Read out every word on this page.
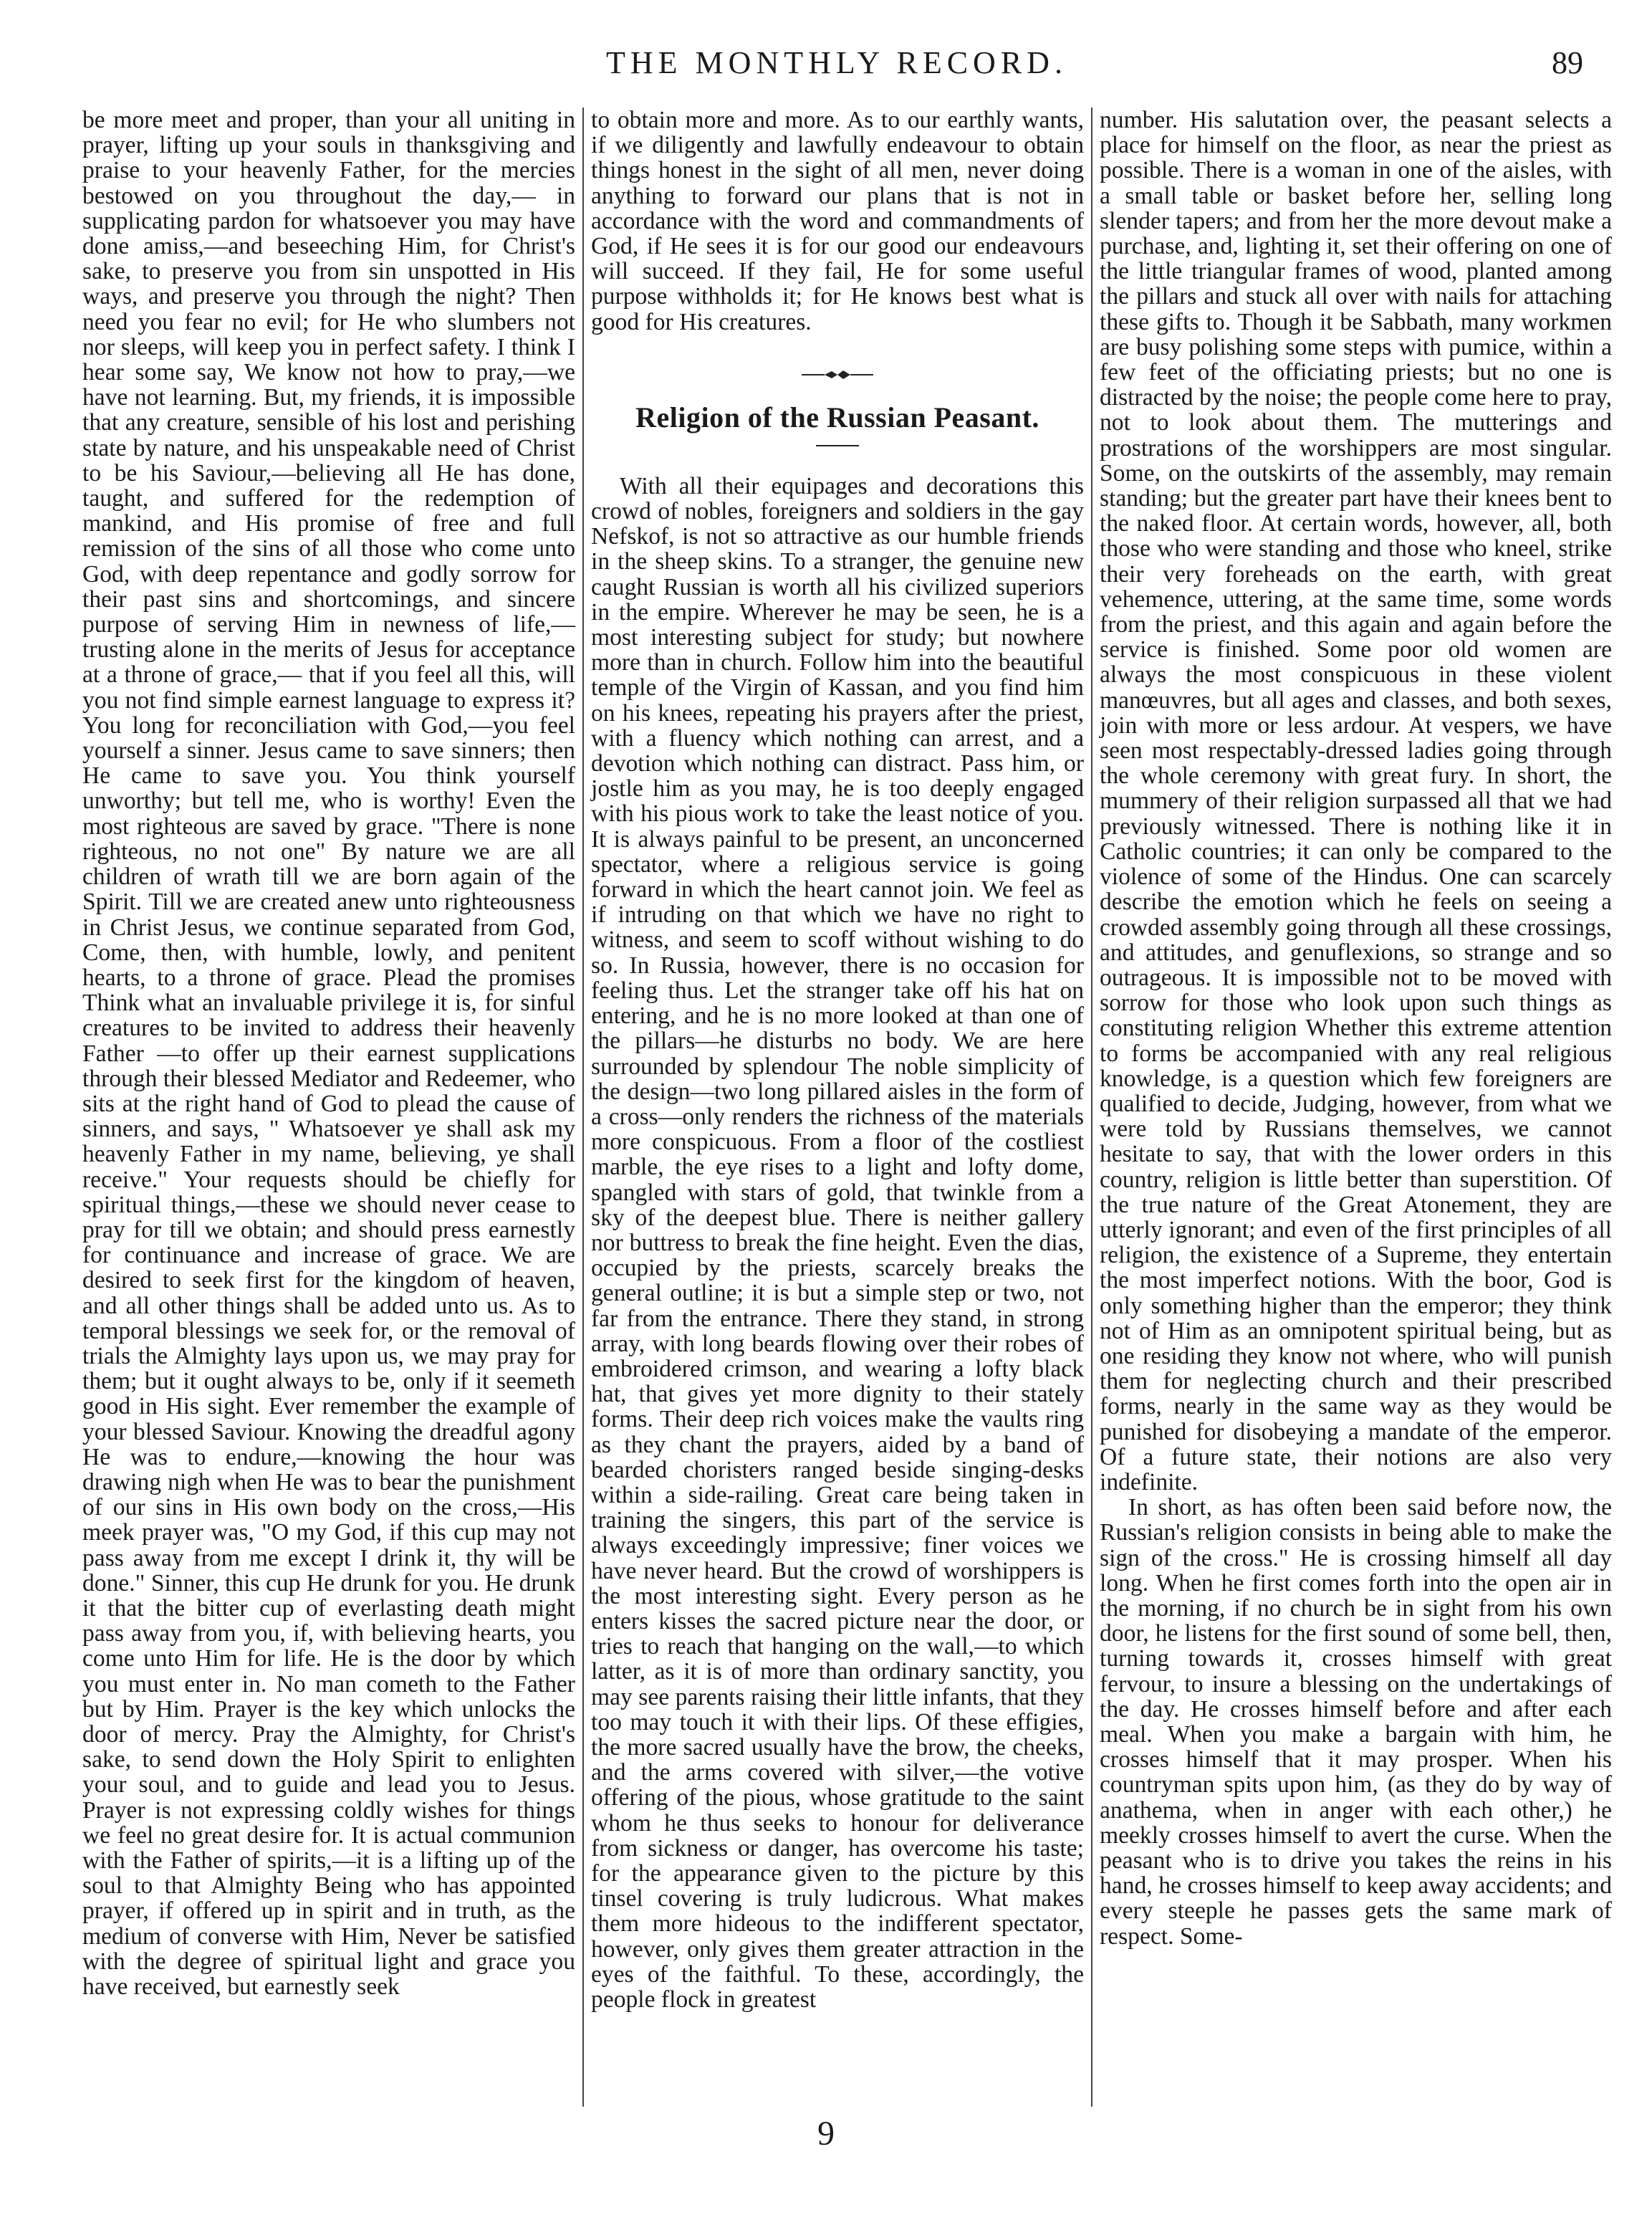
THE MONTHLY RECORD.	89

be more meet and proper, than your all uniting in prayer, lifting up your souls in thanksgiving and praise to your heavenly Father, for the mercies bestowed on you throughout the day,— in supplicating pardon for whatsoever you may have done amiss,—and beseeching Him, for Christ's sake, to preserve you from sin unspotted in His ways, and preserve you through the night? Then need you fear no evil; for He who slumbers not nor sleeps, will keep you in perfect safety. I think I hear some say, We know not how to pray,—we have not learning. But, my friends, it is impossible that any creature, sensible of his lost and perishing state by nature, and his unspeakable need of Christ to be his Saviour,—believing all He has done, taught, and suffered for the redemption of mankind, and His promise of free and full remission of the sins of all those who come unto God, with deep repentance and godly sorrow for their past sins and shortcomings, and sincere purpose of serving Him in newness of life,—trusting alone in the merits of Jesus for acceptance at a throne of grace,— that if you feel all this, will you not find simple earnest language to express it? You long for reconciliation with God,—you feel yourself a sinner. Jesus came to save sinners; then He came to save you. You think yourself unworthy; but tell me, who is worthy! Even the most righteous are saved by grace. "There is none righteous, no not one" By nature we are all children of wrath till we are born again of the Spirit. Till we are created anew unto righteousness in Christ Jesus, we continue separated from God, Come, then, with humble, lowly, and penitent hearts, to a throne of grace. Plead the promises Think what an invaluable privilege it is, for sinful creatures to be invited to address their heavenly Father —to offer up their earnest supplications through their blessed Mediator and Redeemer, who sits at the right hand of God to plead the cause of sinners, and says, " Whatsoever ye shall ask my heavenly Father in my name, believing, ye shall receive." Your requests should be chiefly for spiritual things,—these we should never cease to pray for till we obtain; and should press earnestly for continuance and increase of grace. We are desired to seek first for the kingdom of heaven, and all other things shall be added unto us. As to temporal blessings we seek for, or the removal of trials the Almighty lays upon us, we may pray for them; but it ought always to be, only if it seemeth good in His sight. Ever remember the example of your blessed Saviour. Knowing the dreadful agony He was to endure,—knowing the hour was drawing nigh when He was to bear the punishment of our sins in His own body on the cross,—His meek prayer was, "O my God, if this cup may not pass away from me except I drink it, thy will be done." Sinner, this cup He drunk for you. He drunk it that the bitter cup of everlasting death might pass away from you, if, with believing hearts, you come unto Him for life. He is the door by which you must enter in. No man cometh to the Father but by Him. Prayer is the key which unlocks the door of mercy. Pray the Almighty, for Christ's sake, to send down the Holy Spirit to enlighten your soul, and to guide and lead you to Jesus. Prayer is not expressing coldly wishes for things we feel no great desire for. It is actual communion with the Father of spirits,—it is a lifting up of the soul to that Almighty Being who has appointed prayer, if offered up in spirit and in truth, as the medium of converse with Him, Never be satisfied with the degree of spiritual light and grace you have received, but earnestly seek

to obtain more and more. As to our earthly wants, if we diligently and lawfully endeavour to obtain things honest in the sight of all men, never doing anything to forward our plans that is not in accordance with the word and commandments of God, if He sees it is for our good our endeavours will succeed. If they fail, He for some useful purpose withholds it; for He knows best what is good for His creatures.

Religion of the Russian Peasant.

With all their equipages and decorations this crowd of nobles, foreigners and soldiers in the gay Nefskof, is not so attractive as our humble friends in the sheep skins. To a stranger, the genuine new caught Russian is worth all his civilized superiors in the empire. Wherever he may be seen, he is a most interesting subject for study; but nowhere more than in church. Follow him into the beautiful temple of the Virgin of Kassan, and you find him on his knees, repeating his prayers after the priest, with a fluency which nothing can arrest, and a devotion which nothing can distract. Pass him, or jostle him as you may, he is too deeply engaged with his pious work to take the least notice of you. It is always painful to be present, an unconcerned spectator, where a religious service is going forward in which the heart cannot join. We feel as if intruding on that which we have no right to witness, and seem to scoff without wishing to do so. In Russia, however, there is no occasion for feeling thus. Let the stranger take off his hat on entering, and he is no more looked at than one of the pillars—he disturbs no body. We are here surrounded by splendour The noble simplicity of the design—two long pillared aisles in the form of a cross—only renders the richness of the materials more conspicuous. From a floor of the costliest marble, the eye rises to a light and lofty dome, spangled with stars of gold, that twinkle from a sky of the deepest blue. There is neither gallery nor buttress to break the fine height. Even the dias, occupied by the priests, scarcely breaks the general outline; it is but a simple step or two, not far from the entrance. There they stand, in strong array, with long beards flowing over their robes of embroidered crimson, and wearing a lofty black hat, that gives yet more dignity to their stately forms. Their deep rich voices make the vaults ring as they chant the prayers, aided by a band of bearded choristers ranged beside singing-desks within a side-railing. Great care being taken in training the singers, this part of the service is always exceedingly impressive; finer voices we have never heard. But the crowd of worshippers is the most interesting sight. Every person as he enters kisses the sacred picture near the door, or tries to reach that hanging on the wall,—to which latter, as it is of more than ordinary sanctity, you may see parents raising their little infants, that they too may touch it with their lips. Of these effigies, the more sacred usually have the brow, the cheeks, and the arms covered with silver,—the votive offering of the pious, whose gratitude to the saint whom he thus seeks to honour for deliverance from sickness or danger, has overcome his taste; for the appearance given to the picture by this tinsel covering is truly ludicrous. What makes them more hideous to the indifferent spectator, however, only gives them greater attraction in the eyes of the faithful. To these, accordingly, the people flock in greatest

number. His salutation over, the peasant selects a place for himself on the floor, as near the priest as possible. There is a woman in one of the aisles, with a small table or basket before her, selling long slender tapers; and from her the more devout make a purchase, and, lighting it, set their offering on one of the little triangular frames of wood, planted among the pillars and stuck all over with nails for attaching these gifts to. Though it be Sabbath, many workmen are busy polishing some steps with pumice, within a few feet of the officiating priests; but no one is distracted by the noise; the people come here to pray, not to look about them. The mutterings and prostrations of the worshippers are most singular. Some, on the outskirts of the assembly, may remain standing; but the greater part have their knees bent to the naked floor. At certain words, however, all, both those who were standing and those who kneel, strike their very foreheads on the earth, with great vehemence, uttering, at the same time, some words from the priest, and this again and again before the service is finished. Some poor old women are always the most conspicuous in these violent manœuvres, but all ages and classes, and both sexes, join with more or less ardour. At vespers, we have seen most respectably-dressed ladies going through the whole ceremony with great fury. In short, the mummery of their religion surpassed all that we had previously witnessed. There is nothing like it in Catholic countries; it can only be compared to the violence of some of the Hindus. One can scarcely describe the emotion which he feels on seeing a crowded assembly going through all these crossings, and attitudes, and genuflexions, so strange and so outrageous. It is impossible not to be moved with sorrow for those who look upon such things as constituting religion Whether this extreme attention to forms be accompanied with any real religious knowledge, is a question which few foreigners are qualified to decide, Judging, however, from what we were told by Russians themselves, we cannot hesitate to say, that with the lower orders in this country, religion is little better than superstition. Of the true nature of the Great Atonement, they are utterly ignorant; and even of the first principles of all religion, the existence of a Supreme, they entertain the most imperfect notions. With the boor, God is only something higher than the emperor; they think not of Him as an omnipotent spiritual being, but as one residing they know not where, who will punish them for neglecting church and their prescribed forms, nearly in the same way as they would be punished for disobeying a mandate of the emperor. Of a future state, their notions are also very indefinite.

In short, as has often been said before now, the Russian's religion consists in being able to make the sign of the cross." He is crossing himself all day long. When he first comes forth into the open air in the morning, if no church be in sight from his own door, he listens for the first sound of some bell, then, turning towards it, crosses himself with great fervour, to insure a blessing on the undertakings of the day. He crosses himself before and after each meal. When you make a bargain with him, he crosses himself that it may prosper. When his countryman spits upon him, (as they do by way of anathema, when in anger with each other,) he meekly crosses himself to avert the curse. When the peasant who is to drive you takes the reins in his hand, he crosses himself to keep away accidents; and every steeple he passes gets the same mark of respect. Some-

9
